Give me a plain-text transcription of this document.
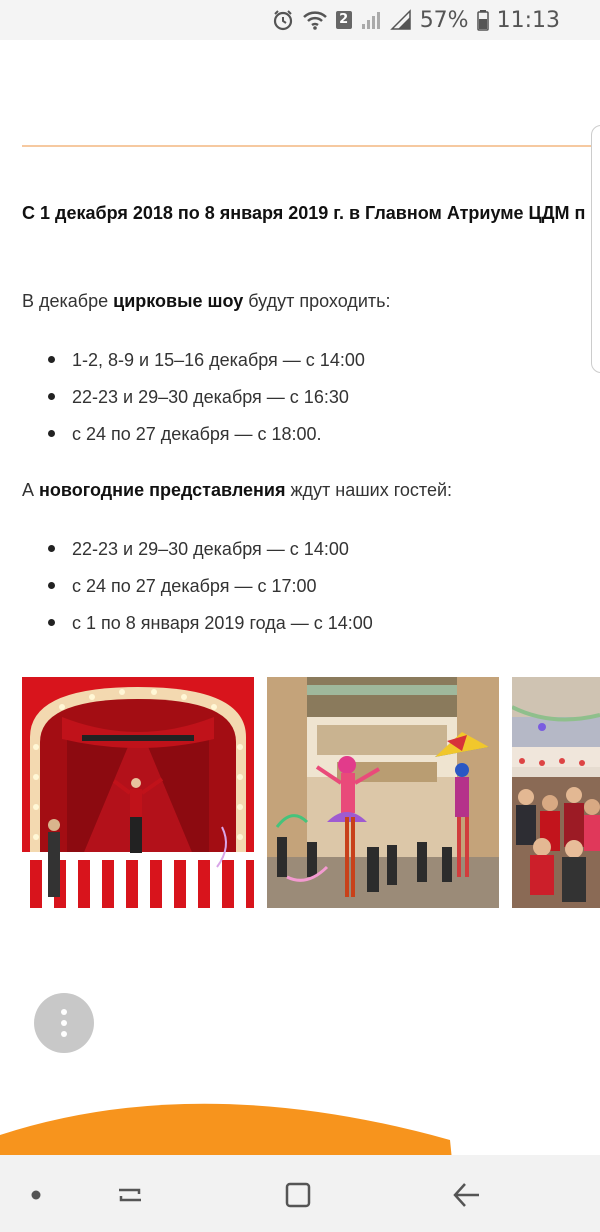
2	57% 11:13
С 1 декабря 2018 по 8 января 2019 г. в Главном Атриуме ЦДМ п
В декабре цирковые шоу будут проходить:
1-2, 8-9 и 15–16 декабря — с 14:00
22-23 и 29–30 декабря — с 16:30
с 24 по 27 декабря — с 18:00.
А новогодние представления ждут наших гостей:
22-23 и 29–30 декабря — с 14:00
с 24 по 27 декабря — с 17:00
с 1 по 8 января 2019 года — с 14:00
